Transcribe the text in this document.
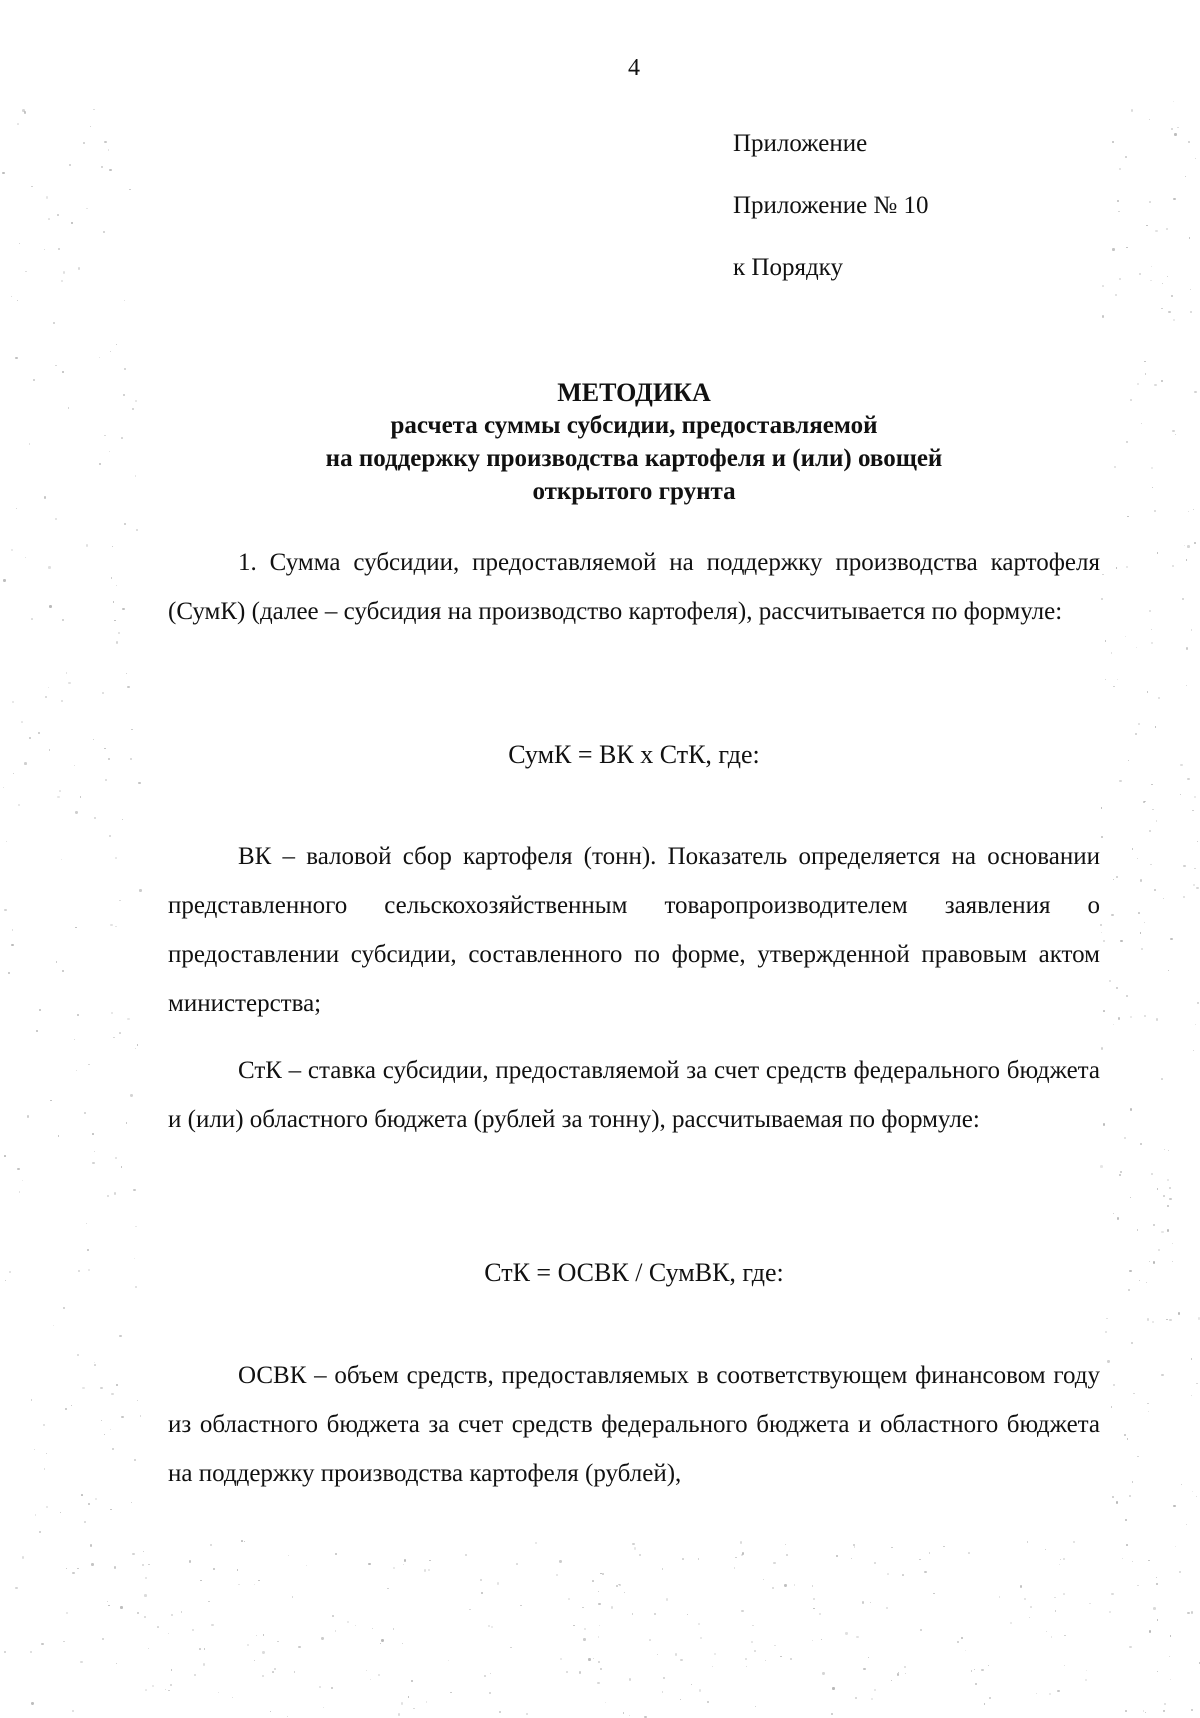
4
Приложение
Приложение № 10
к Порядку
МЕТОДИКА
расчета суммы субсидии, предоставляемой
на поддержку производства картофеля и (или) овощей
открытого грунта
1. Сумма субсидии, предоставляемой на поддержку производства картофеля (СумК) (далее – субсидия на производство картофеля), рассчитывается по формуле:
СумК = ВК х СтК, где:
ВК – валовой сбор картофеля (тонн). Показатель определяется на основании представленного сельскохозяйственным товаропроизводителем заявления о предоставлении субсидии, составленного по форме, утвержденной правовым актом министерства;
СтК – ставка субсидии, предоставляемой за счет средств федерального бюджета и (или) областного бюджета (рублей за тонну), рассчитываемая по формуле:
СтК = ОСВК / СумВК, где:
ОСВК – объем средств, предоставляемых в соответствующем финансовом году из областного бюджета за счет средств федерального бюджета и областного бюджета на поддержку производства картофеля (рублей),
